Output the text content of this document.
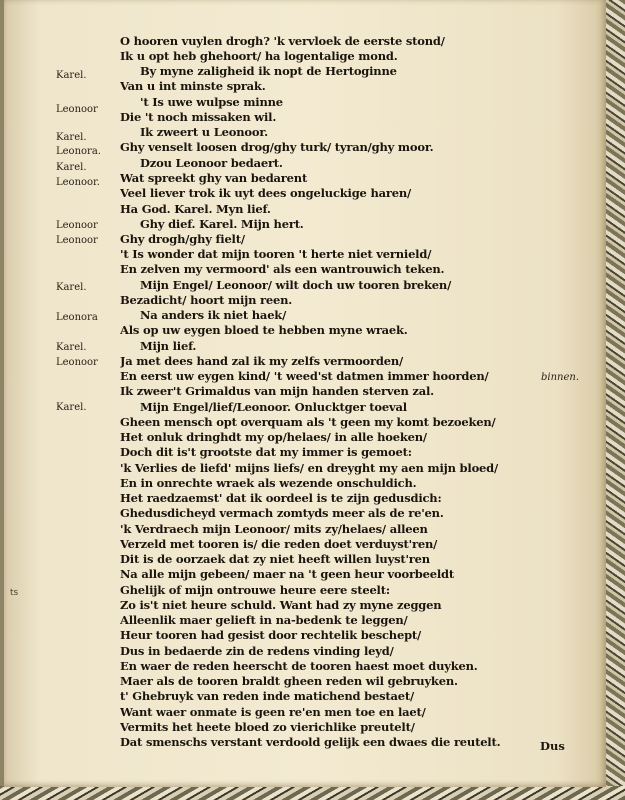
Karel.
Leonoor
Karel.
Leonora.
Karel.
Leonoor.
Leonoor
Leonoor
Karel.
Leonora
Karel.
Leonoor
Karel.
O hooren vuylen drogh? 'k vervloek de eerste stond/
Ik u opt heb ghehoort/ ha logentalige mond.
By myne zaligheid ik nopt de Hertoginne
Van u int minste sprak.
't Is uwe wulpse minne
Die 't noch missaken wil.
Ik zweert u Leonoor.
Ghy venselt loosen drog/ghy turk/ tyran/ghy moor.
Dzou Leonoor bedaert.
Wat spreekt ghy van bedarent
Veel liever trok ik uyt dees ongeluckige haren/
Ha God. Karel. Myn lief.
Ghy dief. Karel. Mijn hert.
Ghy drogh/ghy fielt/
't Is wonder dat mijn tooren 't herte niet vernield/
En zelven my vermoord' als een wantrouwich teken.
Mijn Engel/ Leonoor/ wilt doch uw tooren breken/
Bezadicht/ hoort mijn reen.
Na anders ik niet haek/
Als op uw eygen bloed te hebben myne wraek.
Mijn lief.
Ja met dees hand zal ik my zelfs vermoorden/
En eerst uw eygen kind/ 't weed'st datmen immer hoorden/
Ik zweer't Grimaldus van mijn handen sterven zal.
Mijn Engel/lief/Leonoor. Onlucktger toeval
Gheen mensch opt overquam als 't geen my komt bezoeken/
Het onluk dringhdt my op/helaes/ in alle hoeken/
Doch dit is't grootste dat my immer is gemoet:
'k Verlies de liefd' mijns liefs/ en dreyght my aen mijn bloed/
En in onrechte wraek als wezende onschuldich.
Het raedzaemst' dat ik oordeel is te zijn gedusdich:
Ghedusdicheyd vermach zomtyds meer als de re'en.
'k Verdraech mijn Leonoor/ mits zy/helaes/ alleen
Verzeld met tooren is/ die reden doet verduyst'ren/
Dit is de oorzaek dat zy niet heeft willen luyst'ren
Na alle mijn gebeen/ maer na 't geen heur voorbeeldt
Ghelijk of mijn ontrouwe heure eere steelt:
Zo is't niet heure schuld. Want had zy myne zeggen
Alleenlik maer gelieft in na-bedenk te leggen/
Heur tooren had gesist door rechtelik beschept/
Dus in bedaerde zin de redens vinding leyd/
En waer de reden heerscht de tooren haest moet duyken.
Maer als de tooren braldt gheen reden wil gebruyken.
t' Ghebruyk van reden inde matichend bestaet/
Want waer onmate is geen re'en men toe en laet/
Vermits het heete bloed zo vierichlike preutelt/
Dat smenschs verstant verdoold gelijk een dwaes die reutelt.
binnen.
Dus
ts
